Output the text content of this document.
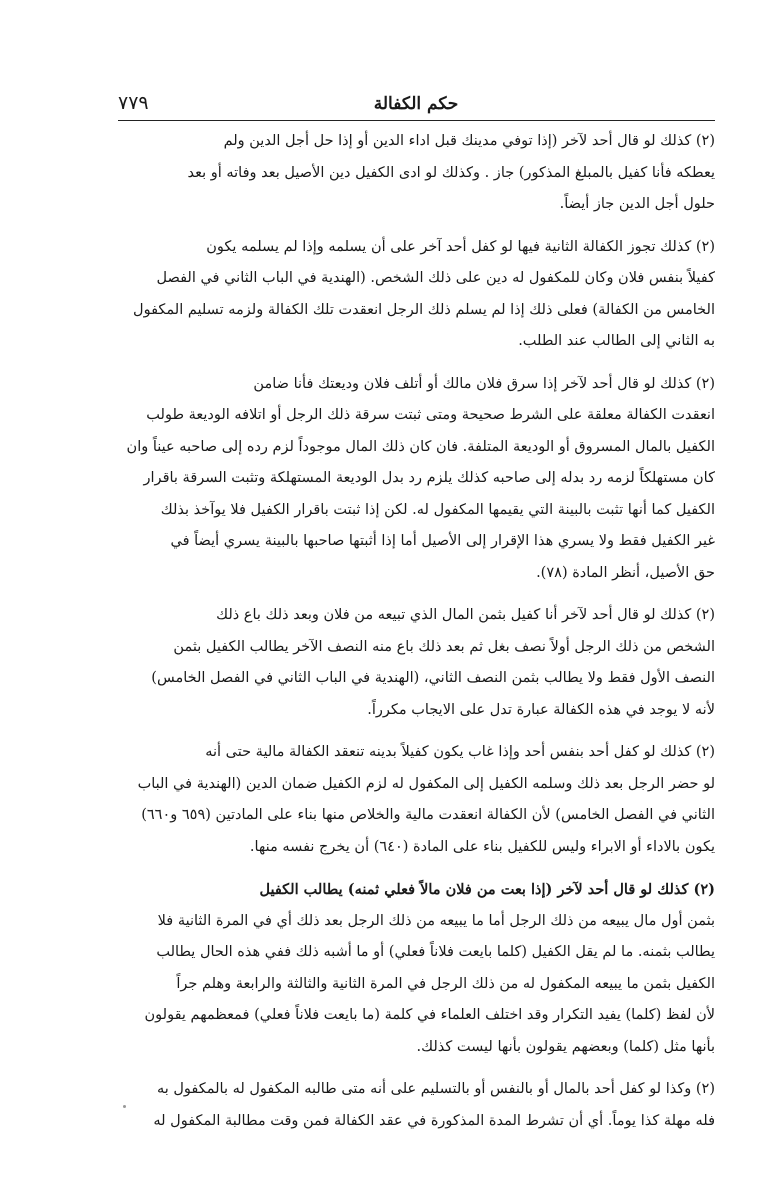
حكم الكفالة
٧٧٩

(٢) كذلك لو قال أحد لآخر (إذا توفي مدينك قبل اداء الدين أو إذا حل أجل الدين ولم
يعطكه فأنا كفيل بالمبلغ المذكور) جاز . وكذلك لو ادى الكفيل دين الأصيل بعد وفاته أو بعد
حلول أجل الدين جاز أيضاً.

(٢) كذلك تجوز الكفالة الثانية فيها لو كفل أحد آخر على أن يسلمه وإذا لم يسلمه يكون
كفيلاً بنفس فلان وكان للمكفول له دين على ذلك الشخص. (الهندية في الباب الثاني في الفصل
الخامس من الكفالة) فعلى ذلك إذا لم يسلم ذلك الرجل انعقدت تلك الكفالة ولزمه تسليم المكفول
به الثاني إلى الطالب عند الطلب.

(٢) كذلك لو قال أحد لآخر إذا سرق فلان مالك أو أتلف فلان وديعتك فأنا ضامن
انعقدت الكفالة معلقة على الشرط صحيحة ومتى ثبتت سرقة ذلك الرجل أو اتلافه الوديعة طولب
الكفيل بالمال المسروق أو الوديعة المتلفة. فان كان ذلك المال موجوداً لزم رده إلى صاحبه عيناً وان
كان مستهلكاً لزمه رد بدله إلى صاحبه كذلك يلزم رد بدل الوديعة المستهلكة وتثبت السرقة باقرار
الكفيل كما أنها تثبت بالبينة التي يقيمها المكفول له. لكن إذا ثبتت باقرار الكفيل فلا يوآخذ بذلك
غير الكفيل فقط ولا يسري هذا الإقرار إلى الأصيل أما إذا أثبتها صاحبها بالبينة يسري أيضاً في
حق الأصيل، أنظر المادة (٧٨).

(٢) كذلك لو قال أحد لآخر أنا كفيل بثمن المال الذي تبيعه من فلان وبعد ذلك باع ذلك
الشخص من ذلك الرجل أولاً نصف بغل ثم بعد ذلك باع منه النصف الآخر يطالب الكفيل بثمن
النصف الأول فقط ولا يطالب بثمن النصف الثاني، (الهندية في الباب الثاني في الفصل الخامس)
لأنه لا يوجد في هذه الكفالة عبارة تدل على الايجاب مكرراً.

(٢) كذلك لو كفل أحد بنفس أحد وإذا غاب يكون كفيلاً بدينه تنعقد الكفالة مالية حتى أنه
لو حضر الرجل بعد ذلك وسلمه الكفيل إلى المكفول له لزم الكفيل ضمان الدين (الهندية في الباب
الثاني في الفصل الخامس) لأن الكفالة انعقدت مالية والخلاص منها بناء على المادتين (٦٥٩ و٦٦٠)
يكون بالاداء أو الابراء وليس للكفيل بناء على المادة (٦٤٠) أن يخرج نفسه منها.

(٢) كذلك لو قال أحد لآخر (إذا بعت من فلان مالاً فعلي ثمنه) يطالب الكفيل
بثمن أول مال يبيعه من ذلك الرجل أما ما يبيعه من ذلك الرجل بعد ذلك أي في المرة الثانية فلا
يطالب بثمنه. ما لم يقل الكفيل (كلما بايعت فلاناً فعلي) أو ما أشبه ذلك ففي هذه الحال يطالب
الكفيل بثمن ما يبيعه المكفول له من ذلك الرجل في المرة الثانية والثالثة والرابعة وهلم جراً
لأن لفظ (كلما) يفيد التكرار وقد اختلف العلماء في كلمة (ما بايعت فلاناً فعلي) فمعظمهم يقولون
بأنها مثل (كلما) وبعضهم يقولون بأنها ليست كذلك.

(٢) وكذا لو كفل أحد بالمال أو بالنفس أو بالتسليم على أنه متى طالبه المكفول له بالمكفول به
فله مهلة كذا يوماً. أي أن تشرط المدة المذكورة في عقد الكفالة فمن وقت مطالبة المكفول له
